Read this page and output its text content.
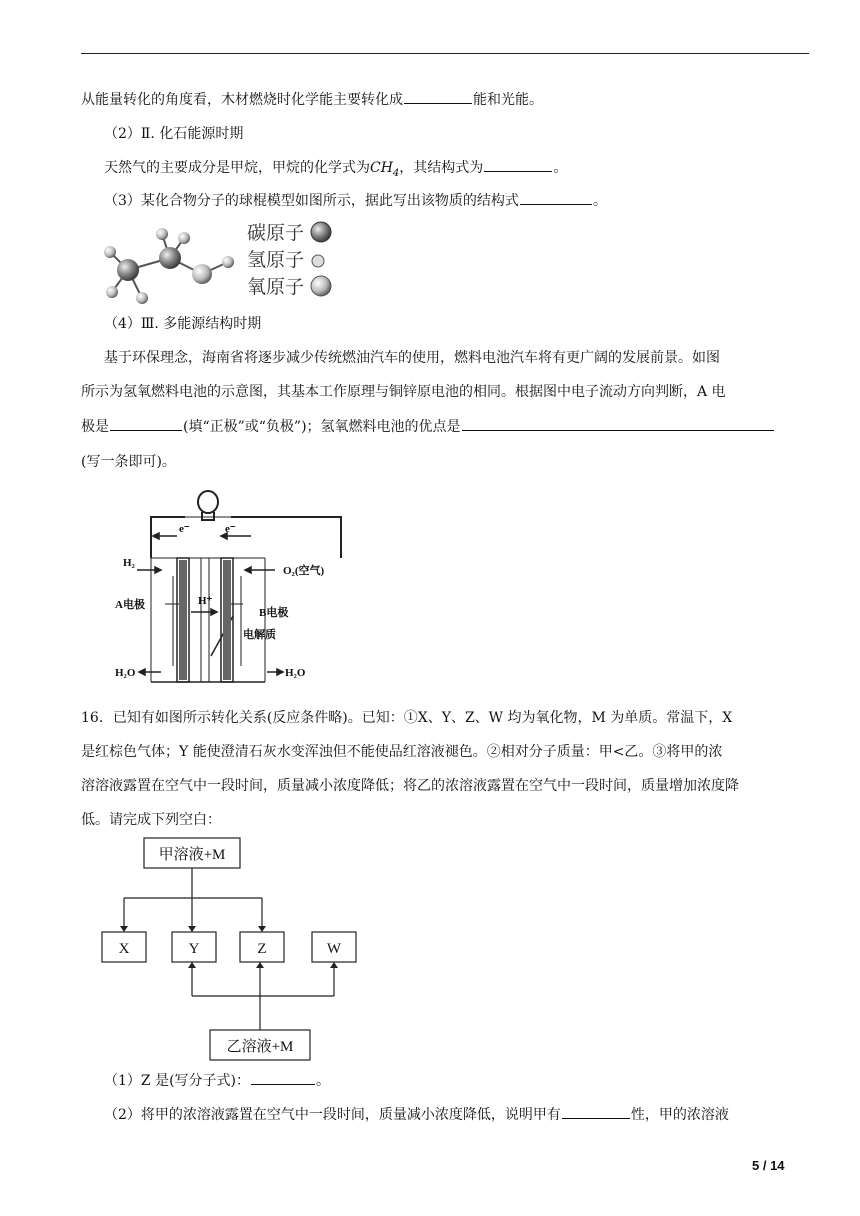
从能量转化的角度看，木材燃烧时化学能主要转化成	能和光能。
（2）Ⅱ. 化石能源时期
天然气的主要成分是甲烷，甲烷的化学式为$CH_4$，其结构式为	。
（3）某化合物分子的球棍模型如图所示，据此写出该物质的结构式	。
碳原子
氢原子
氧原子
（4）Ⅲ. 多能源结构时期
基于环保理念，海南省将逐步减少传统燃油汽车的使用，燃料电池汽车将有更广阔的发展前景。如图
所示为氢氧燃料电池的示意图，其基本工作原理与铜锌原电池的相同。根据图中电子流动方向判断，A 电
极是	(填“正极”或“负极”)；氢氧燃料电池的优点是
(写一条即可)。
e⁻	e⁻
H₂
O₂(空气)
A电极
B电极
H⁺
电解质
H₂O	H₂O
16．已知有如图所示转化关系(反应条件略)。已知：①X、Y、Z、W 均为氧化物，M 为单质。常温下，X
是红棕色气体；Y 能使澄清石灰水变浑浊但不能使品红溶液褪色。②相对分子质量：甲<乙。③将甲的浓
溶溶液露置在空气中一段时间，质量减小浓度降低；将乙的浓溶液露置在空气中一段时间，质量增加浓度降
低。请完成下列空白：
甲溶液+M
X	Y	Z	W
乙溶液+M
（1）Z 是(写分子式)：	。
（2）将甲的浓溶液露置在空气中一段时间，质量减小浓度降低，说明甲有	性，甲的浓溶液
5 / 14
